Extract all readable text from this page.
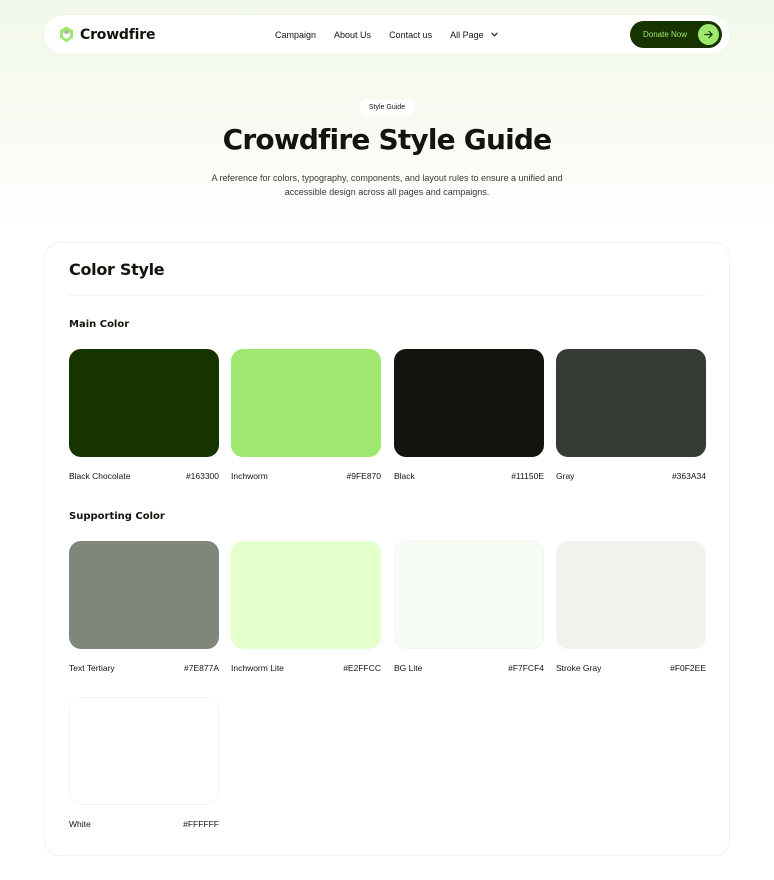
Crowdfire	Campaign About Us Contact us All Page	Donate Now
Style Guide
Crowdfire Style Guide

A reference for colors, typography, components, and layout rules to ensure a unified and accessible design across all pages and campaigns.

Color Style
Main Color
Black Chocolate	#163300 Inchworm	#9FE870 Black	#11150E Gray	#363A34
Supporting Color
Text Tertiary	#7E877A Inchworm Lite	#E2FFCC BG Lite	#F7FCF4 Stroke Gray	#F0F2EE
White	#FFFFFF
